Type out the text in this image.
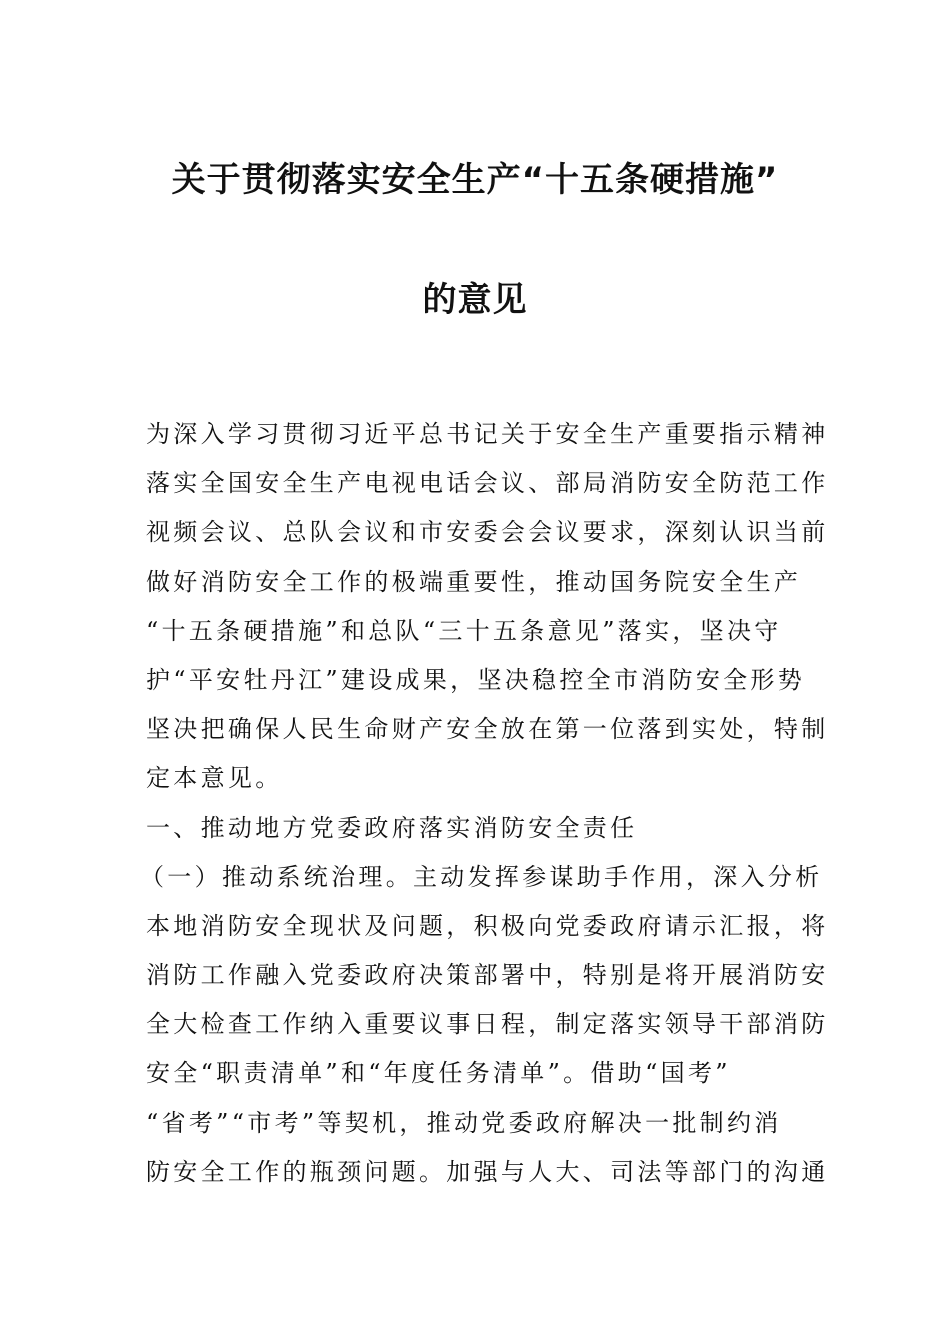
关于贯彻落实安全生产“十五条硬措施”
的意见
为深入学习贯彻习近平总书记关于安全生产重要指示精神
落实全国安全生产电视电话会议、部局消防安全防范工作
视频会议、总队会议和市安委会会议要求，深刻认识当前
做好消防安全工作的极端重要性，推动国务院安全生产
“十五条硬措施”和总队“三十五条意见”落实，坚决守
护“平安牡丹江”建设成果，坚决稳控全市消防安全形势
坚决把确保人民生命财产安全放在第一位落到实处，特制
定本意见。
一、推动地方党委政府落实消防安全责任
（一）推动系统治理。主动发挥参谋助手作用，深入分析
本地消防安全现状及问题，积极向党委政府请示汇报，将
消防工作融入党委政府决策部署中，特别是将开展消防安
全大检查工作纳入重要议事日程，制定落实领导干部消防
安全“职责清单”和“年度任务清单”。借助“国考”
“省考”“市考”等契机，推动党委政府解决一批制约消
防安全工作的瓶颈问题。加强与人大、司法等部门的沟通
